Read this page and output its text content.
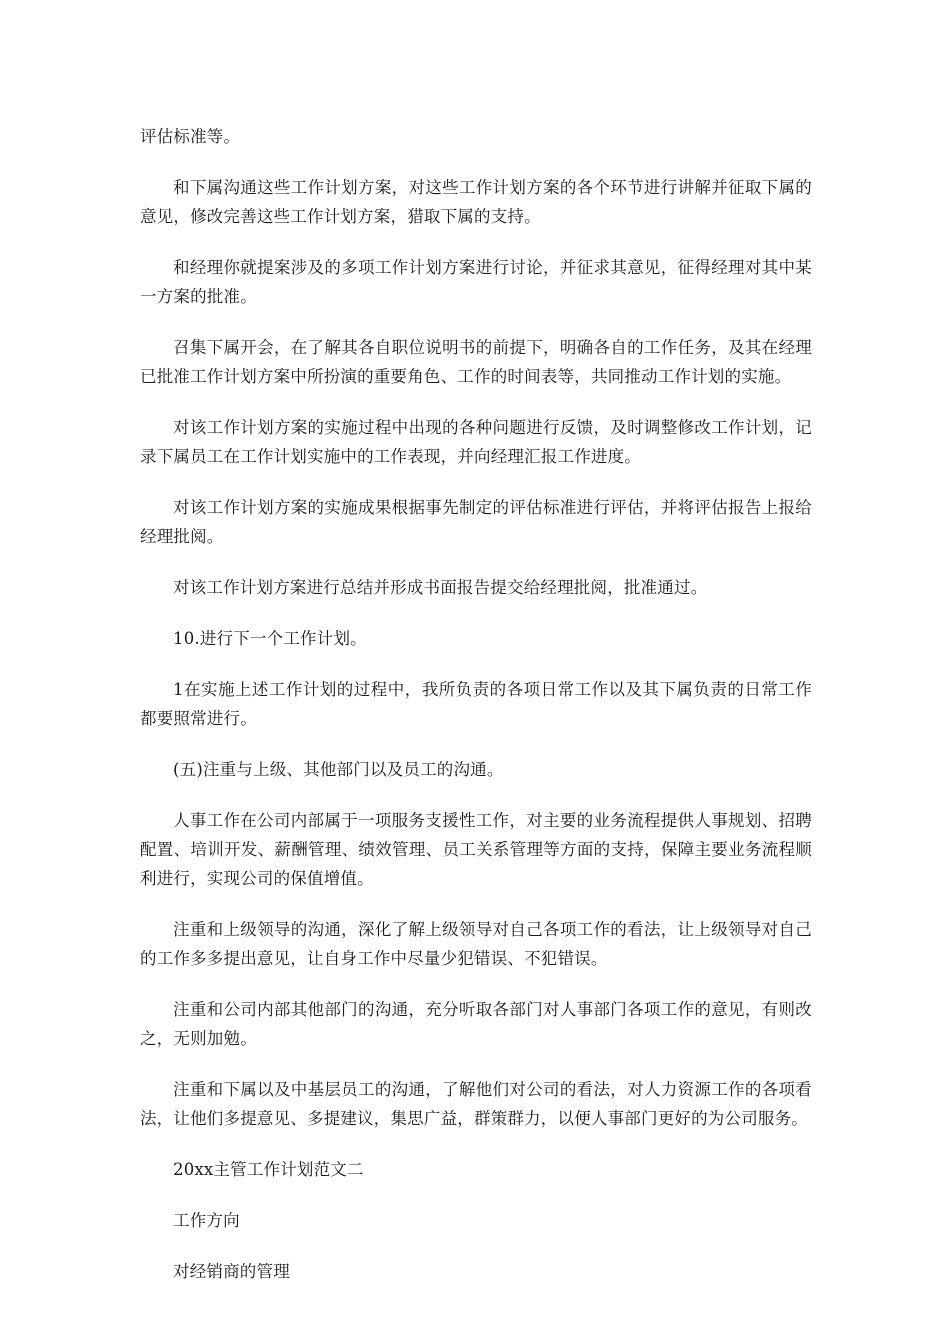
评估标准等。

和下属沟通这些工作计划方案，对这些工作计划方案的各个环节进行讲解并征取下属的意见，修改完善这些工作计划方案，猎取下属的支持。

和经理你就提案涉及的多项工作计划方案进行讨论，并征求其意见，征得经理对其中某一方案的批准。

召集下属开会，在了解其各自职位说明书的前提下，明确各自的工作任务，及其在经理已批准工作计划方案中所扮演的重要角色、工作的时间表等，共同推动工作计划的实施。

对该工作计划方案的实施过程中出现的各种问题进行反馈，及时调整修改工作计划，记录下属员工在工作计划实施中的工作表现，并向经理汇报工作进度。

对该工作计划方案的实施成果根据事先制定的评估标准进行评估，并将评估报告上报给经理批阅。

对该工作计划方案进行总结并形成书面报告提交给经理批阅，批准通过。

10.进行下一个工作计划。

1在实施上述工作计划的过程中，我所负责的各项日常工作以及其下属负责的日常工作都要照常进行。

(五)注重与上级、其他部门以及员工的沟通。

人事工作在公司内部属于一项服务支援性工作，对主要的业务流程提供人事规划、招聘配置、培训开发、薪酬管理、绩效管理、员工关系管理等方面的支持，保障主要业务流程顺利进行，实现公司的保值增值。

注重和上级领导的沟通，深化了解上级领导对自己各项工作的看法，让上级领导对自己的工作多多提出意见，让自身工作中尽量少犯错误、不犯错误。

注重和公司内部其他部门的沟通，充分听取各部门对人事部门各项工作的意见，有则改之，无则加勉。

注重和下属以及中基层员工的沟通，了解他们对公司的看法，对人力资源工作的各项看法，让他们多提意见、多提建议，集思广益，群策群力，以便人事部门更好的为公司服务。

20xx主管工作计划范文二

工作方向

对经销商的管理
